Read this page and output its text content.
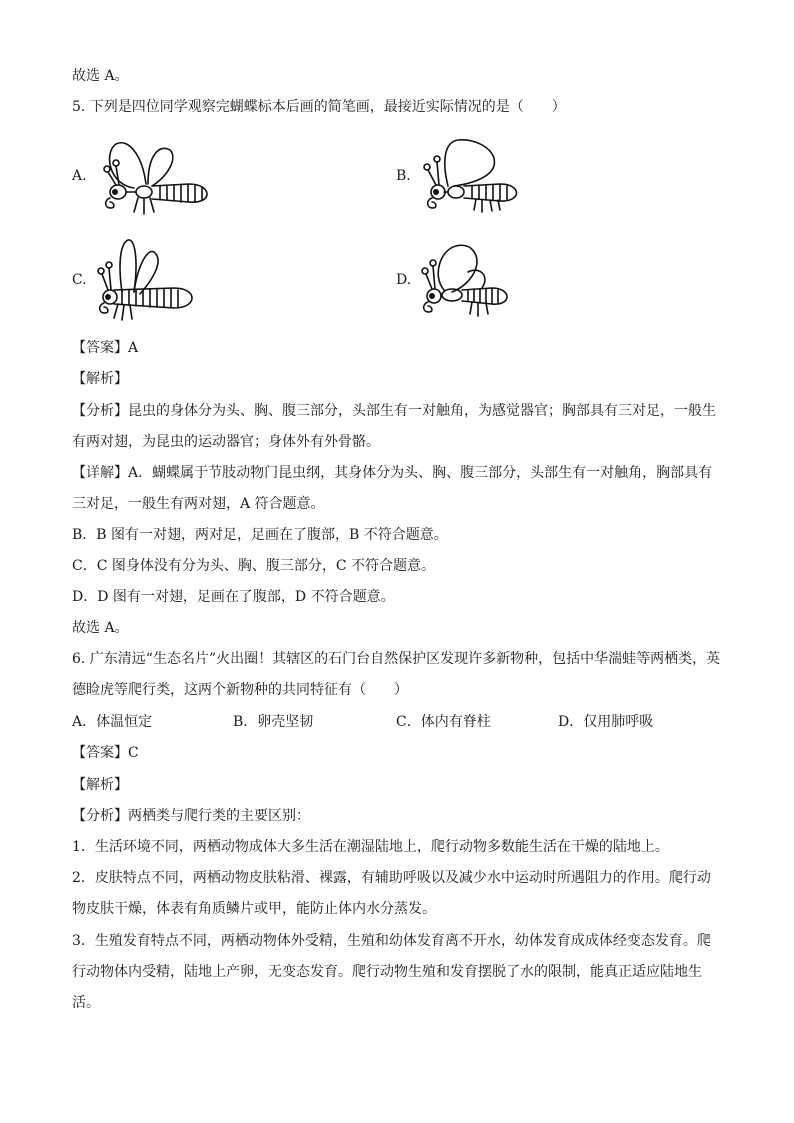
故选 A。
5. 下列是四位同学观察完蝴蝶标本后画的简笔画，最接近实际情况的是（　　）
A.	B.
C.	D.
【答案】A
【解析】
【分析】昆虫的身体分为头、胸、腹三部分，头部生有一对触角，为感觉器官；胸部具有三对足，一般生
有两对翅，为昆虫的运动器官；身体外有外骨骼。
【详解】A．蝴蝶属于节肢动物门昆虫纲，其身体分为头、胸、腹三部分，头部生有一对触角，胸部具有
三对足，一般生有两对翅，A 符合题意。
B．B 图有一对翅，两对足，足画在了腹部，B 不符合题意。
C．C 图身体没有分为头、胸、腹三部分，C 不符合题意。
D．D 图有一对翅，足画在了腹部，D 不符合题意。
故选 A。
6. 广东清远“生态名片”火出圈！其辖区的石门台自然保护区发现许多新物种，包括中华湍蛙等两栖类，英
德睑虎等爬行类，这两个新物种的共同特征有（　　）
A．体温恒定	B．卵壳坚韧	C．体内有脊柱	D．仅用肺呼吸
【答案】C
【解析】
【分析】两栖类与爬行类的主要区别：
1．生活环境不同，两栖动物成体大多生活在潮湿陆地上，爬行动物多数能生活在干燥的陆地上。
2．皮肤特点不同，两栖动物皮肤粘滑、裸露，有辅助呼吸以及减少水中运动时所遇阻力的作用。爬行动
物皮肤干燥，体表有角质鳞片或甲，能防止体内水分蒸发。
3．生殖发育特点不同，两栖动物体外受精，生殖和幼体发育离不开水，幼体发育成成体经变态发育。爬
行动物体内受精，陆地上产卵，无变态发育。爬行动物生殖和发育摆脱了水的限制，能真正适应陆地生
活。
